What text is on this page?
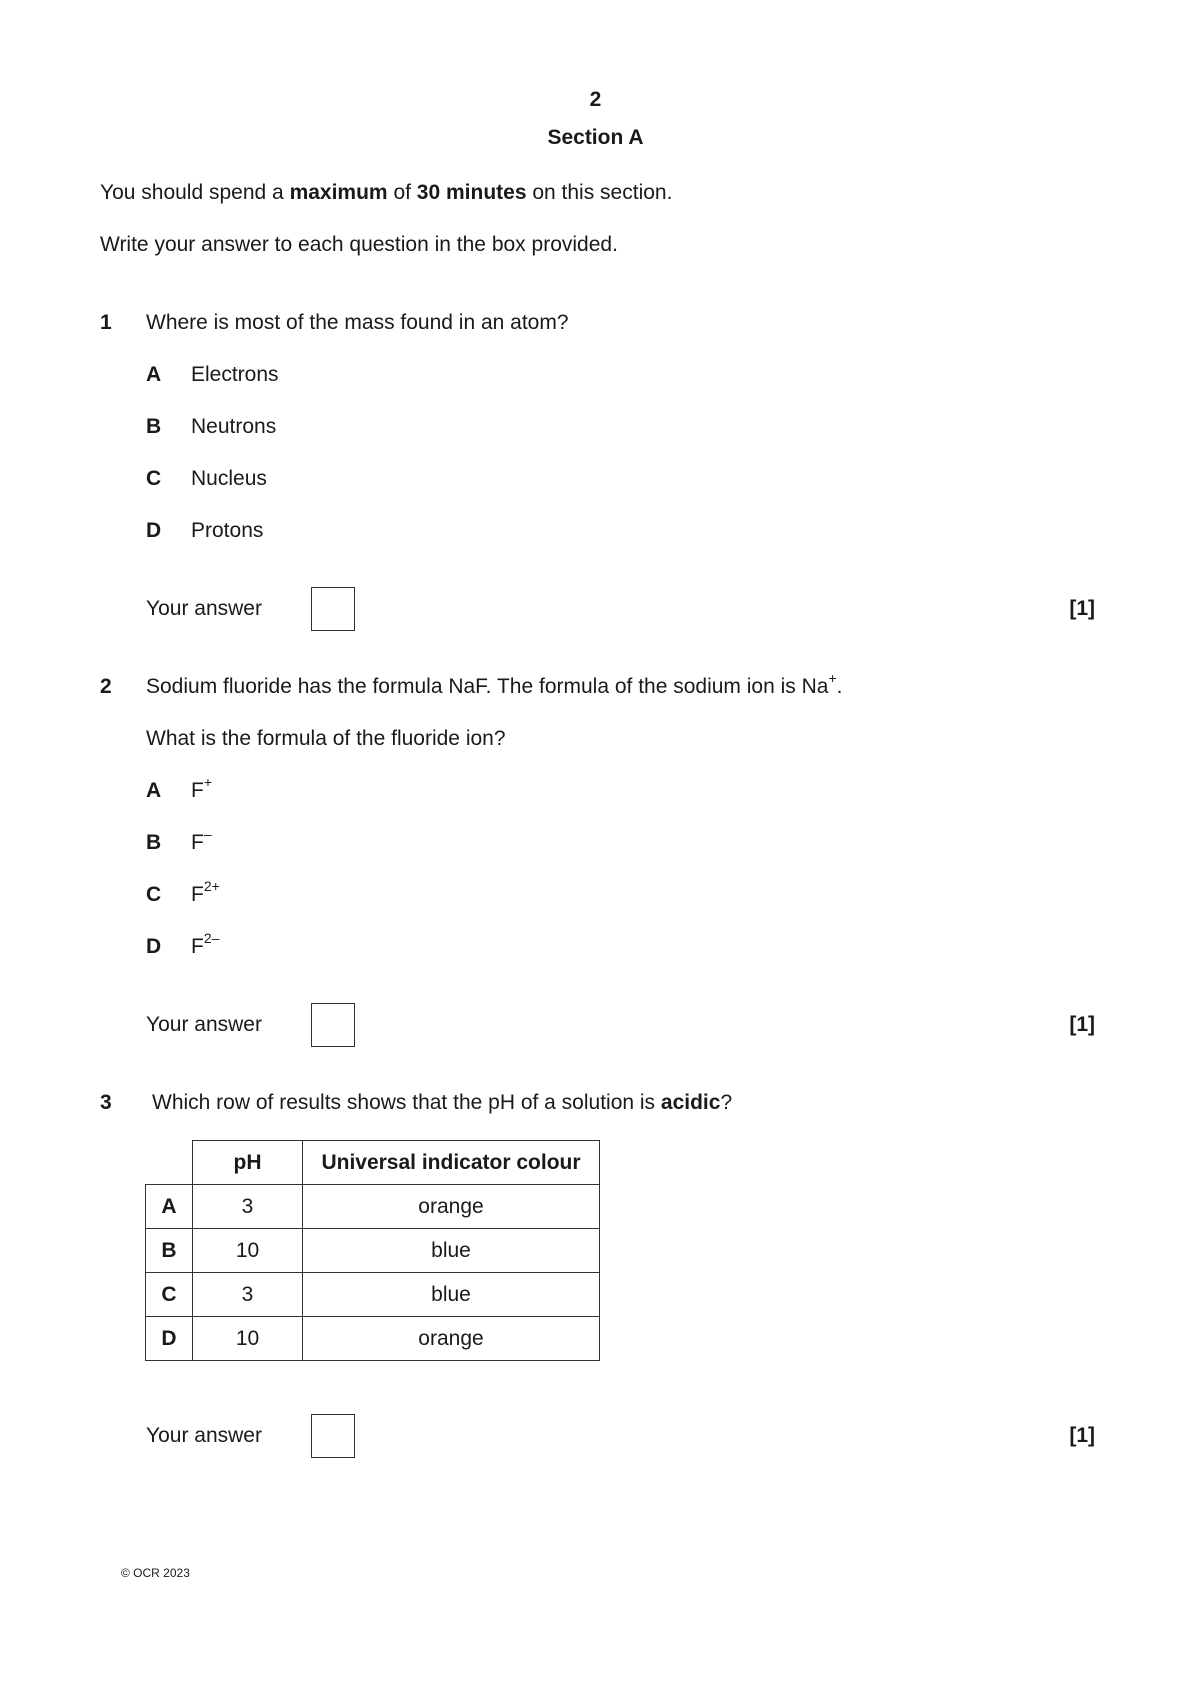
2
Section A
You should spend a maximum of 30 minutes on this section.
Write your answer to each question in the box provided.
1 Where is most of the mass found in an atom?
A Electrons
B Neutrons
C Nucleus
D Protons
Your answer	[1]
2 Sodium fluoride has the formula NaF. The formula of the sodium ion is Na+.
What is the formula of the fluoride ion?
A F+
B F–
C $F^{2+}$
D $F^{2-}$
Your answer	[1]
3 Which row of results shows that the pH of a solution is acidic?
	pH	Universal indicator colour
A	3	orange
B	10	blue
C	3	blue
D	10	orange
Your answer	[1]
© OCR 2023
